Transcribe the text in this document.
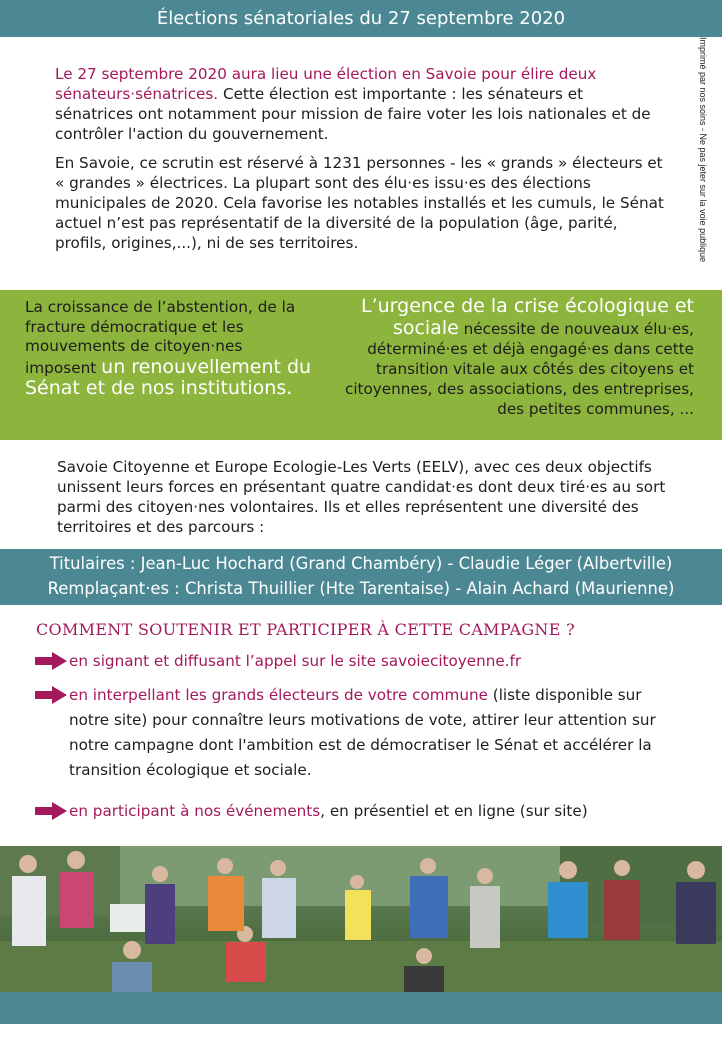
Élections sénatoriales du 27 septembre 2020
Imprimé par nos soins - Ne pas jeter sur la voie publique

Le 27 septembre 2020 aura lieu une élection en Savoie pour élire deux sénateurs·sénatrices. Cette élection est importante : les sénateurs et sénatrices ont notamment pour mission de faire voter les lois nationales et de contrôler l'action du gouvernement.

En Savoie, ce scrutin est réservé à 1231 personnes - les « grands » électeurs et « grandes » électrices. La plupart sont des élu·es issu·es des élections municipales de 2020. Cela favorise les notables installés et les cumuls, le Sénat actuel n’est pas représentatif de la diversité de la population (âge, parité, profils, origines,...), ni de ses territoires.

La croissance de l’abstention, de la fracture démocratique et les mouvements de citoyen·nes imposent un renouvellement du Sénat et de nos institutions.
L’urgence de la crise écologique et sociale nécessite de nouveaux élu·es, déterminé·es et déjà engagé·es dans cette transition vitale aux côtés des citoyens et citoyennes, des associations, des entreprises, des petites communes, ...
Savoie Citoyenne et Europe Ecologie-Les Verts (EELV), avec ces deux objectifs unissent leurs forces en présentant quatre candidat·es dont deux tiré·es au sort parmi des citoyen·nes volontaires. Ils et elles représentent une diversité des territoires et des parcours :
Titulaires : Jean-Luc Hochard (Grand Chambéry) - Claudie Léger (Albertville)
Remplaçant·es : Christa Thuillier (Hte Tarentaise) - Alain Achard (Maurienne)
COMMENT SOUTENIR ET PARTICIPER À CETTE CAMPAGNE ?
en signant et diffusant l’appel sur le site savoiecitoyenne.fr
en interpellant les grands électeurs de votre commune (liste disponible sur notre site) pour connaître leurs motivations de vote, attirer leur attention sur notre campagne dont l'ambition est de démocratiser le Sénat et accélérer la transition écologique et sociale.
en participant à nos événements, en présentiel et en ligne (sur site)

https://savoiecitoyenne.fr  -  Signez l'appel ! - contact@savoiecitoyenne.fr
